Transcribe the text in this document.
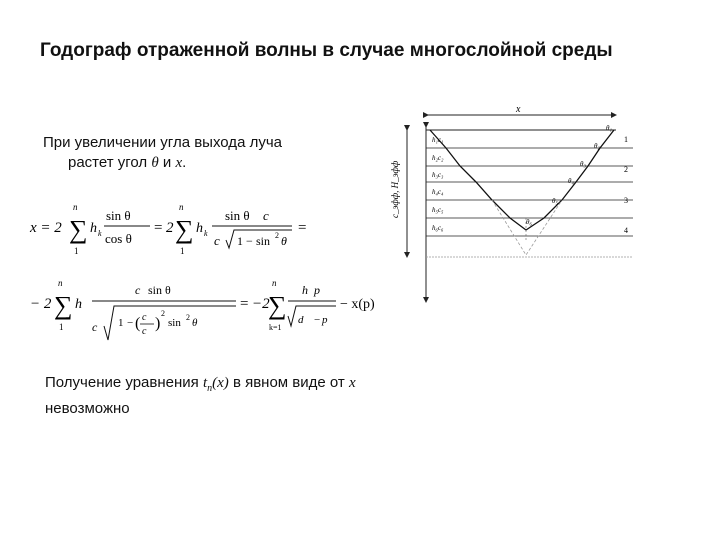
Годограф отраженной волны в случае многослойной среды
При увеличении угла выхода луча
растет угол θ и x.
x = 2 ∑
n
1
h k
sin θ
cos θ
= 2 ∑
n
1
h k
sin θ c
c 1 − sin 2 θ
=
− 2 ∑
n
1
h
c sin θ
c 1 − ( c
c )
2
sin 2 θ
= −2
∑
n
k=1
h p
d − p
− x(p)
x
c_эфф, H_эфф
h₁c₁
h₂c₂
h₃c₃
h₄c₄
h₅c₅
h₆c₆
1
2
3
4
θ₁
θ₂
θ₃
θ₄
θ₅
θ₆
Получение уравнения $t_n(x)$ в явном виде от x
невозможно
